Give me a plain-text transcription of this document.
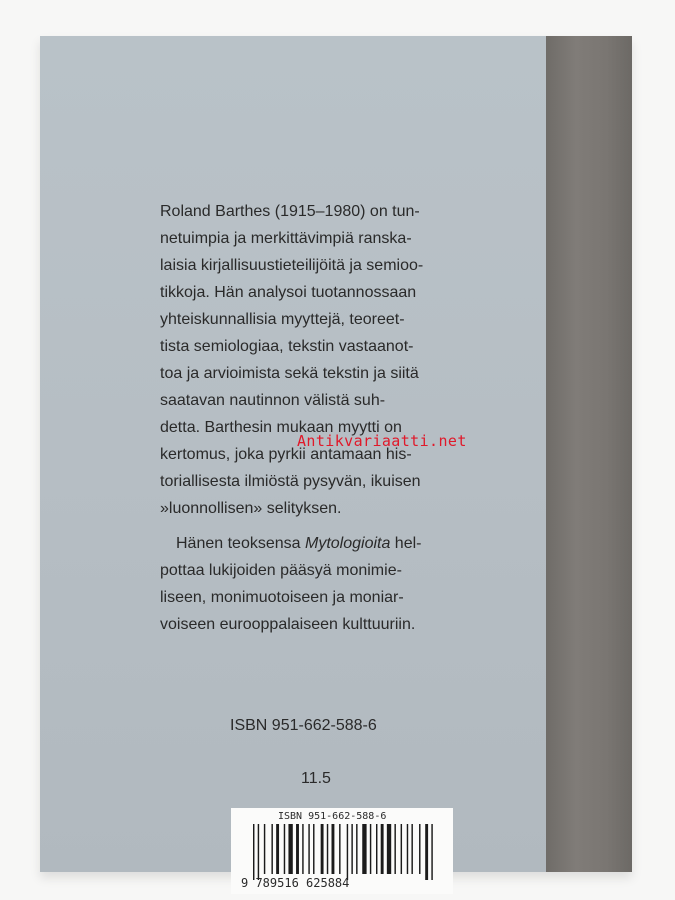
Roland Barthes (1915–1980) on tun-
netuimpia ja merkittävimpiä ranska-
laisia kirjallisuustieteilijöitä ja semioo-
tikkoja. Hän analysoi tuotannossaan
yhteiskunnallisia myyttejä, teoreet-
tista semiologiaa, tekstin vastaanot-
toa ja arvioimista sekä tekstin ja siitä
saatavan nautinnon välistä suh-
detta. Barthesin mukaan myytti on
kertomus, joka pyrkii antamaan his-
toriallisesta ilmiöstä pysyvän, ikuisen
»luonnollisen» selityksen.
Hänen teoksensa Mytologioita hel-
pottaa lukijoiden pääsyä monimie-
liseen, monimuotoiseen ja moniar-
voiseen eurooppalaiseen kulttuuriin.
Antikvariaatti.net
ISBN 951-662-588-6
11.5
ISBN 951-662-588-6
9 789516 625884
